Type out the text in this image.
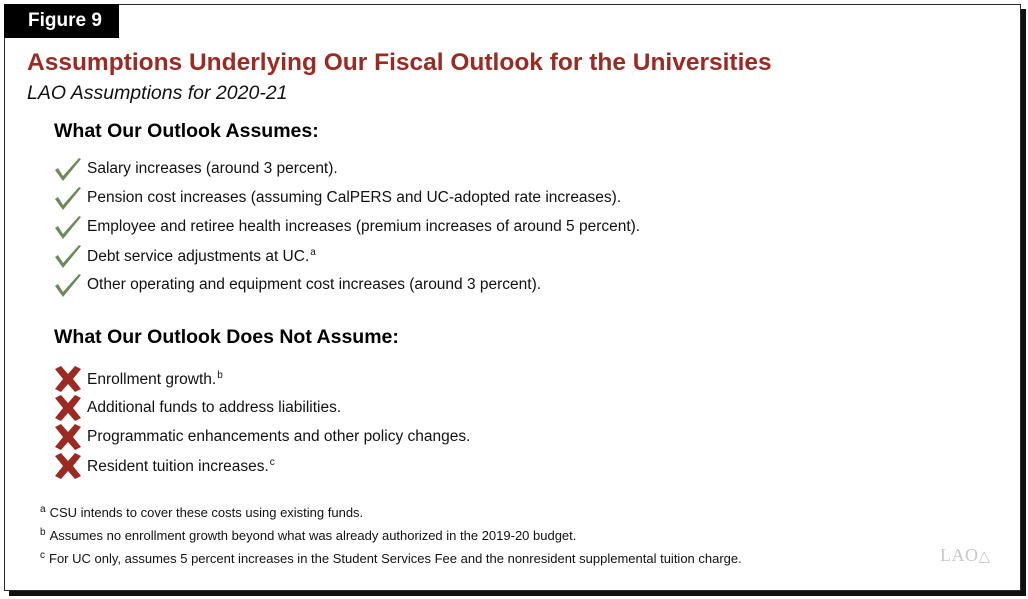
Figure 9
Assumptions Underlying Our Fiscal Outlook for the Universities
LAO Assumptions for 2020-21
What Our Outlook Assumes:
Salary increases (around 3 percent).
Pension cost increases (assuming CalPERS and UC-adopted rate increases).
Employee and retiree health increases (premium increases of around 5 percent).
Debt service adjustments at UC.$^a$
Other operating and equipment cost increases (around 3 percent).
What Our Outlook Does Not Assume:
Enrollment growth.$^b$
Additional funds to address liabilities.
Programmatic enhancements and other policy changes.
Resident tuition increases.$^c$
$^a$ CSU intends to cover these costs using existing funds.
$^b$ Assumes no enrollment growth beyond what was already authorized in the 2019-20 budget.
$^c$ For UC only, assumes 5 percent increases in the Student Services Fee and the nonresident supplemental tuition charge.	LAO△
